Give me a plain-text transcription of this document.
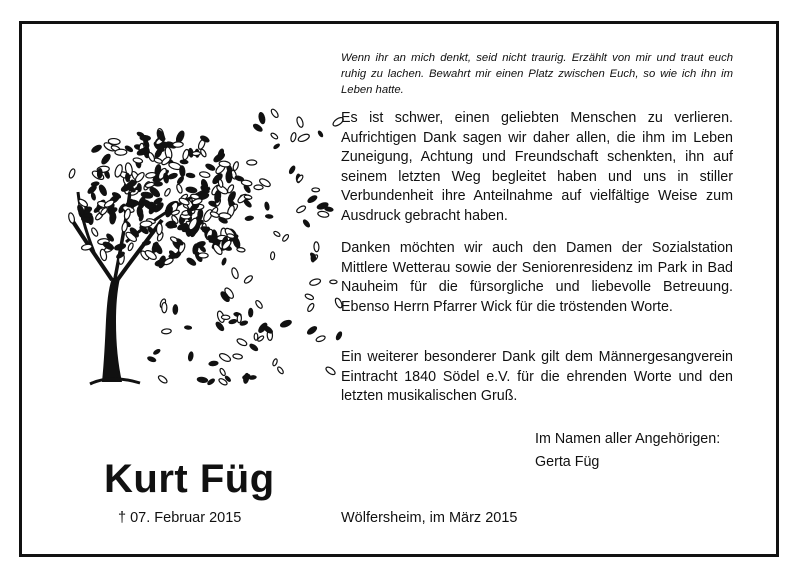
Wenn ihr an mich denkt, seid nicht traurig. Erzählt von mir und traut euch ruhig zu lachen. Bewahrt mir einen Platz zwischen Euch, so wie ich ihn im Leben hatte.
Es ist schwer, einen geliebten Menschen zu verlieren. Aufrichtigen Dank sagen wir daher allen, die ihm im Leben Zuneigung, Achtung und Freundschaft schenkten, ihn auf seinem letzten Weg begleitet haben und uns in stiller Verbundenheit ihre Anteilnahme auf vielfältige Weise zum Ausdruck gebracht haben.
Danken möchten wir auch den Damen der Sozialstation Mittlere Wetterau sowie der Seniorenresidenz im Park in Bad Nauheim für die fürsorgliche und liebevolle Betreuung. Ebenso Herrn Pfarrer Wick für die tröstenden Worte.
Ein weiterer besonderer Dank gilt dem Männergesangverein Eintracht 1840 Södel e.V. für die ehrenden Worte und den letzten musikalischen Gruß.
Im Namen aller Angehörigen:
Gerta Füg
Kurt Füg
† 07. Februar 2015	Wölfersheim, im März 2015
